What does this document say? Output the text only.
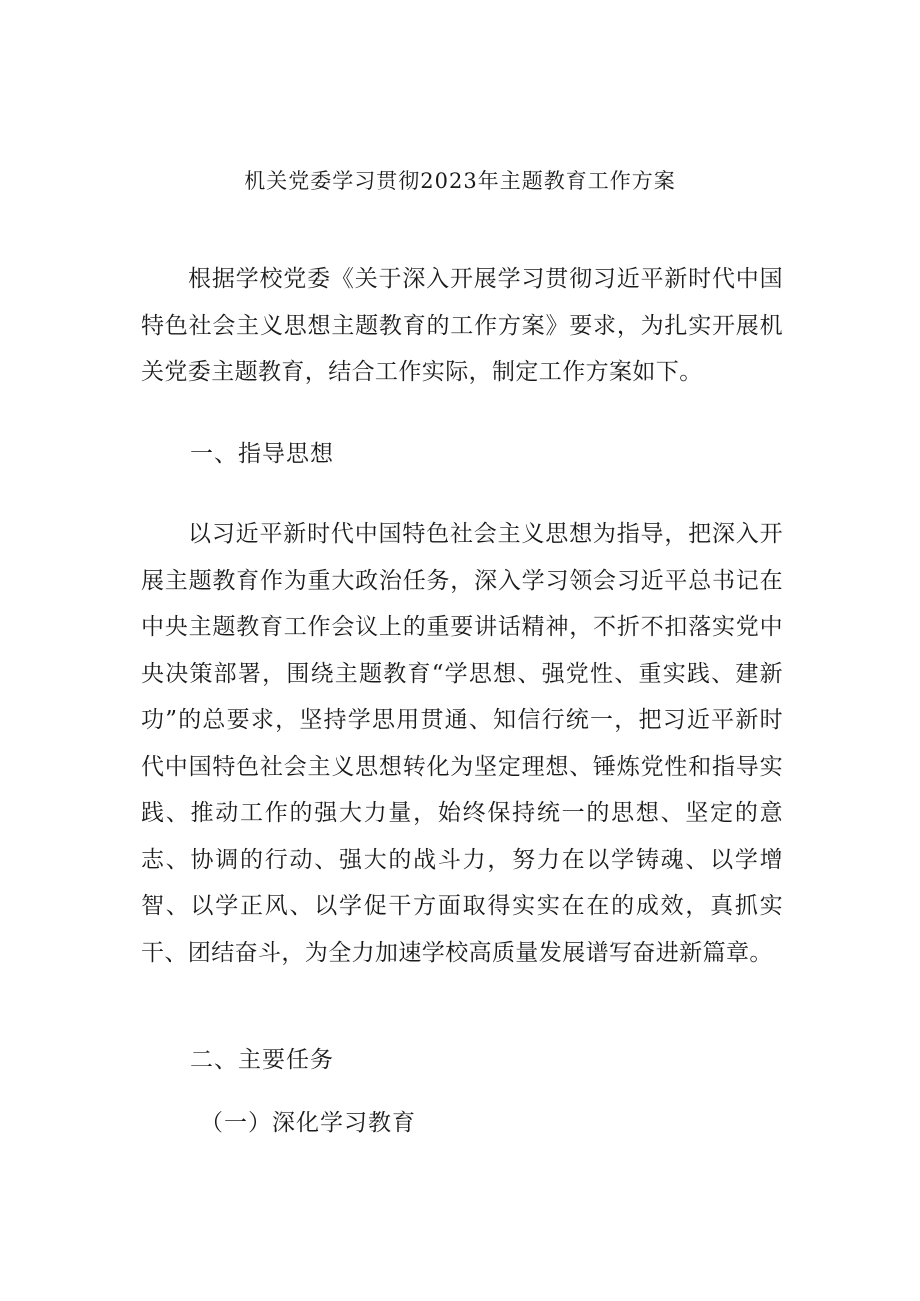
机关党委学习贯彻2023年主题教育工作方案

根据学校党委《关于深入开展学习贯彻习近平新时代中国特色社会主义思想主题教育的工作方案》要求，为扎实开展机关党委主题教育，结合工作实际，制定工作方案如下。

一、指导思想

以习近平新时代中国特色社会主义思想为指导，把深入开展主题教育作为重大政治任务，深入学习领会习近平总书记在中央主题教育工作会议上的重要讲话精神，不折不扣落实党中央决策部署，围绕主题教育“学思想、强党性、重实践、建新功”的总要求，坚持学思用贯通、知信行统一，把习近平新时代中国特色社会主义思想转化为坚定理想、锤炼党性和指导实践、推动工作的强大力量，始终保持统一的思想、坚定的意志、协调的行动、强大的战斗力，努力在以学铸魂、以学增智、以学正风、以学促干方面取得实实在在的成效，真抓实干、团结奋斗，为全力加速学校高质量发展谱写奋进新篇章。

二、主要任务
（一）深化学习教育
